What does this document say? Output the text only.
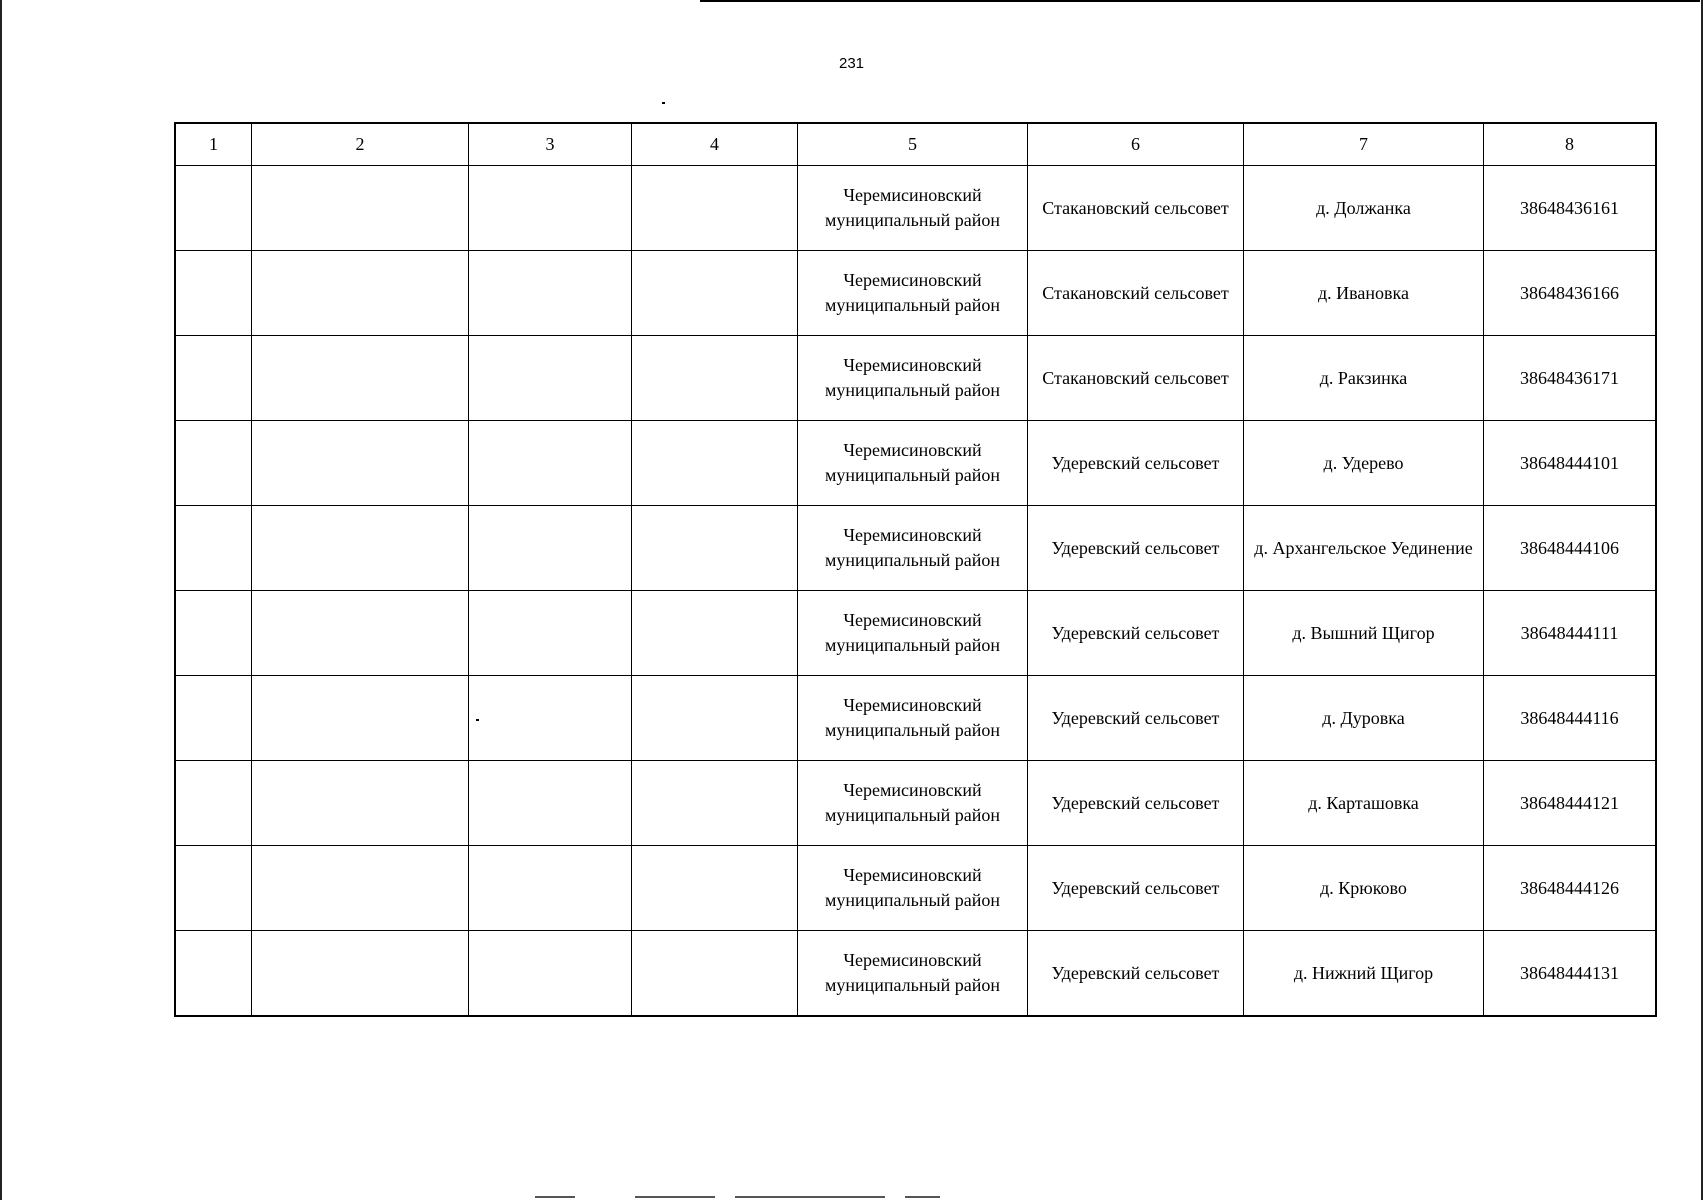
231
1	2	3	4	5	6	7	8
				Черемисиновский муниципальный район	Стакановский сельсовет	д. Должанка	38648436161
				Черемисиновский муниципальный район	Стакановский сельсовет	д. Ивановка	38648436166
				Черемисиновский муниципальный район	Стакановский сельсовет	д. Ракзинка	38648436171
				Черемисиновский муниципальный район	Удеревский сельсовет	д. Удерево	38648444101
				Черемисиновский муниципальный район	Удеревский сельсовет	д. Архангельское Уединение	38648444106
				Черемисиновский муниципальный район	Удеревский сельсовет	д. Вышний Щигор	38648444111
				Черемисиновский муниципальный район	Удеревский сельсовет	д. Дуровка	38648444116
				Черемисиновский муниципальный район	Удеревский сельсовет	д. Карташовка	38648444121
				Черемисиновский муниципальный район	Удеревский сельсовет	д. Крюково	38648444126
				Черемисиновский муниципальный район	Удеревский сельсовет	д. Нижний Щигор	38648444131
